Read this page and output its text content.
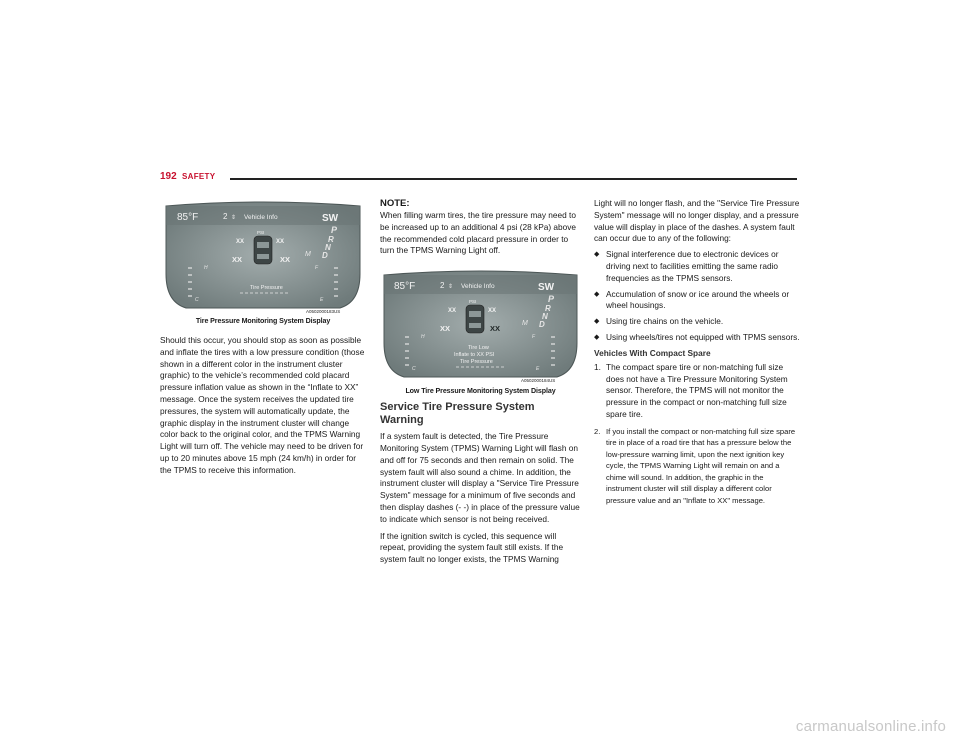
192 SAFETY
85°F	2 ⇕ Vehicle Info	SW
PSI
XX	XX
XX	XX
Tire Pressure
P
R
N
D
M
H
C
F
E
A0502000183US
Tire Pressure Monitoring System Display

Should this occur, you should stop as soon as possible and inflate the tires with a low pressure condition (those shown in a different color in the instrument cluster graphic) to the vehicle’s recommended cold placard pressure inflation value as shown in the “Inflate to XX” message. Once the system receives the updated tire pressures, the system will automatically update, the graphic display in the instrument cluster will change color back to the original color, and the TPMS Warning Light will turn off. The vehicle may need to be driven for up to 20 minutes above 15 mph (24 km/h) in order for the TPMS to receive this information.

NOTE:

When filling warm tires, the tire pressure may need to be increased up to an additional 4 psi (28 kPa) above the recommended cold placard pressure in order to turn the TPMS Warning Light off.

85°F	2 ⇕ Vehicle Info	SW
PSI
XX	XX
XX	XX
Tire Low
Inflate to XX PSI
Tire Pressure
P
R
N
D
M
H
C
F
E
A0502000184US
Low Tire Pressure Monitoring System Display
Service Tire Pressure System Warning

If a system fault is detected, the Tire Pressure Monitoring System (TPMS) Warning Light will flash on and off for 75 seconds and then remain on solid. The system fault will also sound a chime. In addition, the instrument cluster will display a "Service Tire Pressure System" message for a minimum of five seconds and then display dashes (- -) in place of the pressure value to indicate which sensor is not being received.

If the ignition switch is cycled, this sequence will repeat, providing the system fault still exists. If the system fault no longer exists, the TPMS Warning

Light will no longer flash, and the "Service Tire Pressure System" message will no longer display, and a pressure value will display in place of the dashes. A system fault can occur due to any of the following:

◆ Signal interference due to electronic devices or driving next to facilities emitting the same radio frequencies as the TPMS sensors.
◆ Accumulation of snow or ice around the wheels or wheel housings.
◆ Using tire chains on the vehicle.
◆ Using wheels/tires not equipped with TPMS sensors.
Vehicles With Compact Spare
1. The compact spare tire or non-matching full size does not have a Tire Pressure Monitoring System sensor. Therefore, the TPMS will not monitor the pressure in the compact or non-matching full size spare tire.
2. If you install the compact or non-matching full size spare tire in place of a road tire that has a pressure below the low-pressure warning limit, upon the next ignition key cycle, the TPMS Warning Light will remain on and a chime will sound. In addition, the graphic in the instrument cluster will still display a different color pressure value and an "Inflate to XX" message.
carmanualsonline.info
